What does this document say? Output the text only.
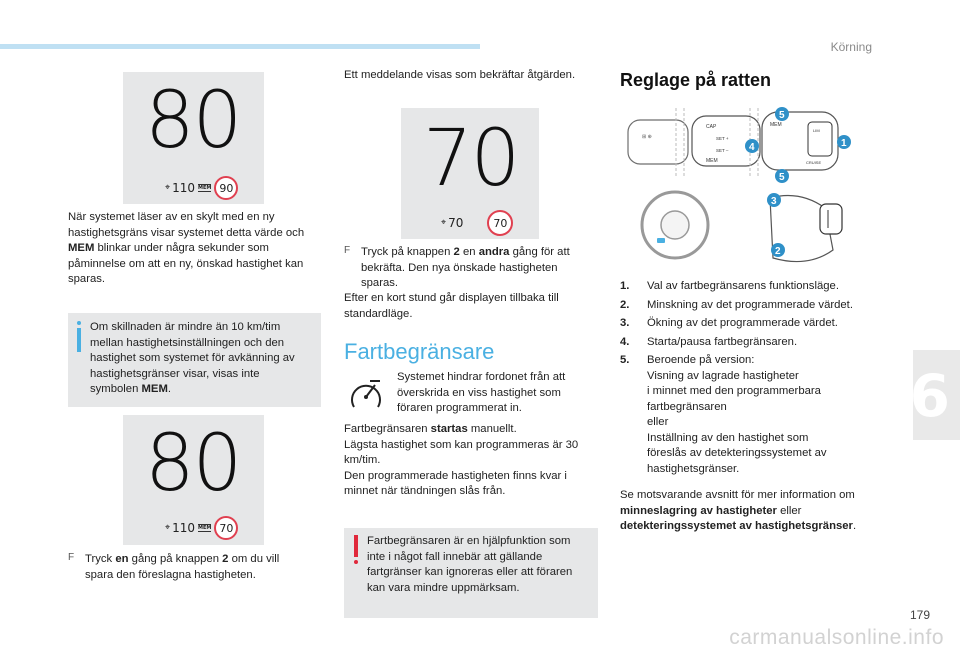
Körning
6
80
⌖ 110 MEM 90
När systemet läser av en skylt med en ny hastighetsgräns visar systemet detta värde och MEM blinkar under några sekunder som påminnelse om att en ny, önskad hastighet kan sparas.
Om skillnaden är mindre än 10 km/tim mellan hastighetsinställningen och den hastighet som systemet för avkänning av hastighetsgränser visar, visas inte symbolen MEM.
80
⌖ 110 MEM 70
F Tryck en gång på knappen 2 om du vill spara den föreslagna hastigheten.
Ett meddelande visas som bekräftar åtgärden.
70
⌖ 70	70
F Tryck på knappen 2 en andra gång för att bekräfta. Den nya önskade hastigheten sparas.
Efter en kort stund går displayen tillbaka till standardläge.
Fartbegränsare
Systemet hindrar fordonet från att överskrida en viss hastighet som föraren programmerat in.
Fartbegränsaren startas manuellt.
Lägsta hastighet som kan programmeras är 30 km/tim.
Den programmerade hastigheten finns kvar i minnet när tändningen slås från.
Fartbegränsaren är en hjälpfunktion som inte i något fall innebär att gällande fartgränser kan ignoreras eller att föraren kan vara mindre uppmärksam.
Reglage på ratten
⊞ ⊕
CAP
SET +
SET –
MEM
MEM
LIM
CRUISE
1
2
3
4
5
5
1.	Val av fartbegränsarens funktionsläge.
2.	Minskning av det programmerade värdet.
3.	Ökning av det programmerade värdet.
4.	Starta/pausa fartbegränsaren.
5.	Beroende på version:
Visning av lagrade hastigheter
i minnet med den programmerbara
fartbegränsaren
eller
Inställning av den hastighet som
föreslås av detekteringssystemet av
hastighetsgränser.
Se motsvarande avsnitt för mer information om minneslagring av hastigheter eller detekteringssystemet av hastighetsgränser.
179
carmanualsonline.info
